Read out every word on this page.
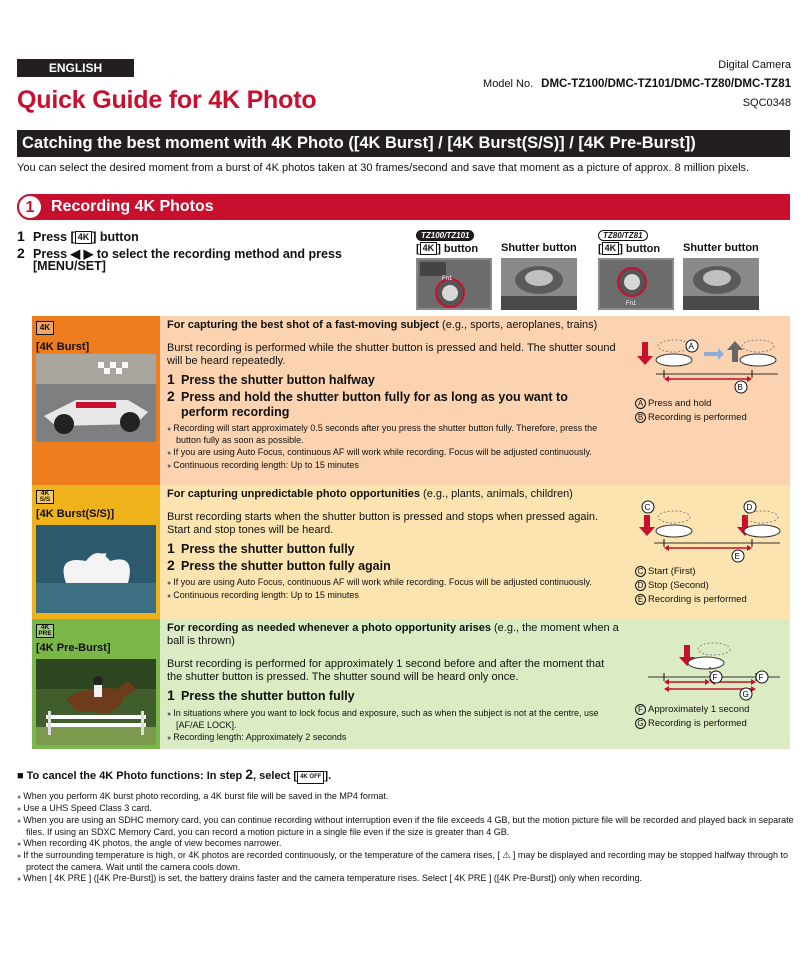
ENGLISH
Quick Guide for 4K Photo
Digital Camera
Model No. DMC-TZ100/DMC-TZ101/DMC-TZ80/DMC-TZ81
SQC0348
Catching the best moment with 4K Photo ([4K Burst] / [4K Burst(S/S)] / [4K Pre-Burst])
You can select the desired moment from a burst of 4K photos taken at 30 frames/second and save that moment as a picture of approx. 8 million pixels.
1	Recording 4K Photos
1 Press [ 4K ] button
2 Press ◀ ▶ to select the recording method and press
[MENU/SET]
TZ100/TZ101
[ 4K ] button Shutter button
Fn1
TZ80/TZ81
[ 4K ] button Shutter button
Fn1
4K
[4K Burst]
For capturing the best shot of a fast-moving subject (e.g., sports, aeroplanes, trains)
Burst recording is performed while the shutter button is pressed and held. The shutter sound will be heard repeatedly.
1 Press the shutter button halfway
2 Press and hold the shutter button fully for as long as you want to perform recording
● Recording will start approximately 0.5 seconds after you press the shutter button fully. Therefore, press the button fully as soon as possible.
● If you are using Auto Focus, continuous AF will work while recording. Focus will be adjusted continuously.
● Continuous recording length: Up to 15 minutes
A
B
A Press and hold
B Recording is performed
4K S/S
[4K Burst(S/S)]
For capturing unpredictable photo opportunities (e.g., plants, animals, children)
Burst recording starts when the shutter button is pressed and stops when pressed again. Start and stop tones will be heard.
1 Press the shutter button fully
2 Press the shutter button fully again
● If you are using Auto Focus, continuous AF will work while recording. Focus will be adjusted continuously.
● Continuous recording length: Up to 15 minutes
C	D
E
C Start (First)
D Stop (Second)
E Recording is performed
4K PRE
[4K Pre-Burst]
For recording as needed whenever a photo opportunity arises (e.g., the moment when a ball is thrown)
Burst recording is performed for approximately 1 second before and after the moment that the shutter button is pressed. The shutter sound will be heard only once.
1 Press the shutter button fully
● In situations where you want to lock focus and exposure, such as when the subject is not at the centre, use [AF/AE LOCK].
● Recording length: Approximately 2 seconds
F	F
G
F Approximately 1 second
G Recording is performed
■ To cancel the 4K Photo functions: In step 2, select [ 4K OFF ].
● When you perform 4K burst photo recording, a 4K burst file will be saved in the MP4 format.
● Use a UHS Speed Class 3 card.
● When you are using an SDHC memory card, you can continue recording without interruption even if the file exceeds 4 GB, but the motion picture file will be recorded and played back in separate files. If using an SDXC Memory Card, you can record a motion picture in a single file even if the size is greater than 4 GB.
● When recording 4K photos, the angle of view becomes narrower.
● If the surrounding temperature is high, or 4K photos are recorded continuously, or the temperature of the camera rises, [ ⚠ ] may be displayed and recording may be stopped halfway through to protect the camera. Wait until the camera cools down.
● When [ 4K PRE ] ([4K Pre-Burst]) is set, the battery drains faster and the camera temperature rises. Select [ 4K PRE ] ([4K Pre-Burst]) only when recording.
